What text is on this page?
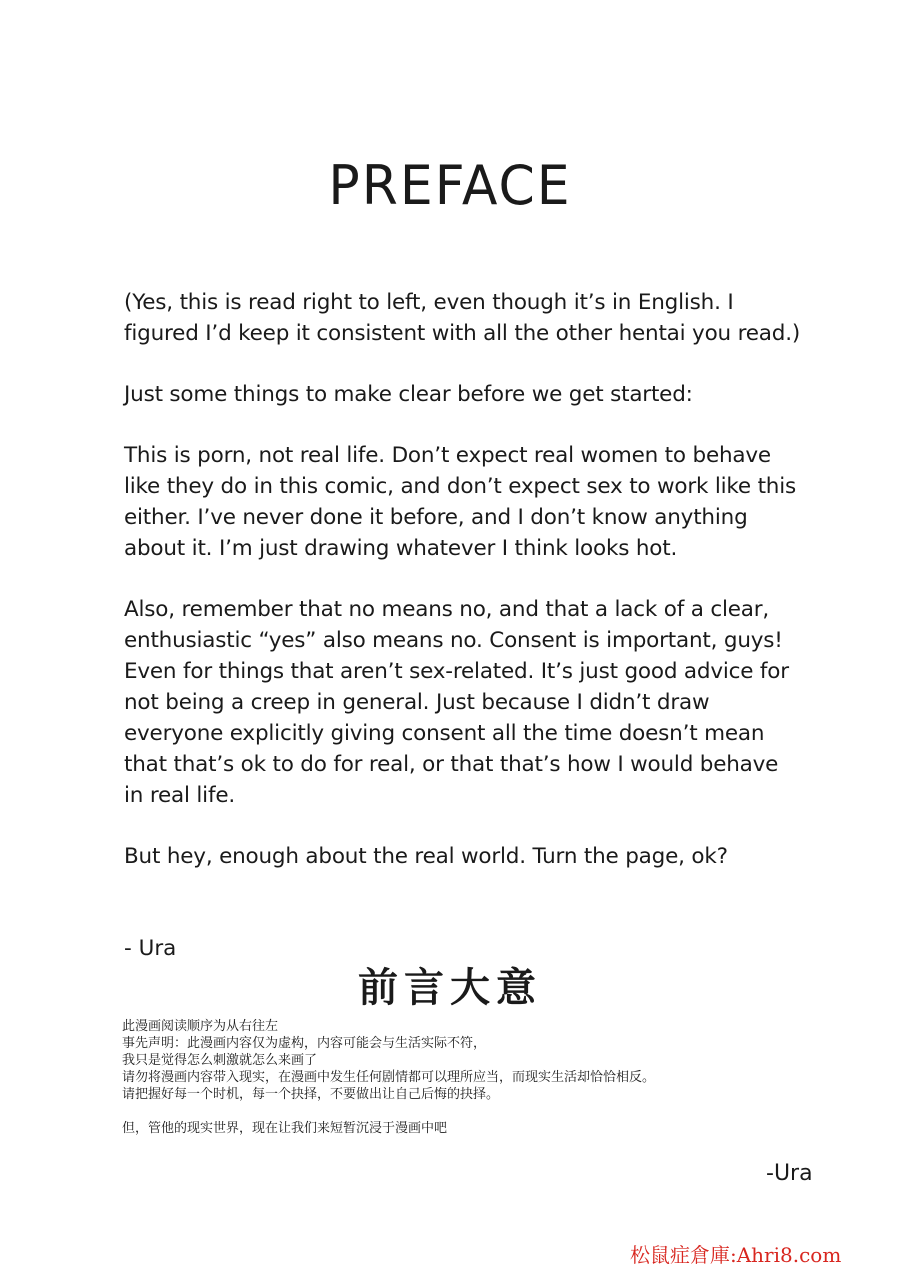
PREFACE

(Yes, this is read right to left, even though it’s in English. I figured I’d keep it consistent with all the other hentai you read.)

Just some things to make clear before we get started:

This is porn, not real life. Don’t expect real women to behave like they do in this comic, and don’t expect sex to work like this either. I’ve never done it before, and I don’t know anything about it. I’m just drawing whatever I think looks hot.

Also, remember that no means no, and that a lack of a clear, enthusiastic “yes” also means no. Consent is important, guys! Even for things that aren’t sex-related. It’s just good advice for not being a creep in general. Just because I didn’t draw everyone explicitly giving consent all the time doesn’t mean that that’s ok to do for real, or that that’s how I would behave in real life.

But hey, enough about the real world. Turn the page, ok?

- Ura
前言大意
此漫画阅读顺序为从右往左
事先声明：此漫画内容仅为虚构，内容可能会与生活实际不符，
我只是觉得怎么刺激就怎么来画了
请勿将漫画内容带入现实，在漫画中发生任何剧情都可以理所应当，而现实生活却恰恰相反。
请把握好每一个时机，每一个抉择，不要做出让自己后悔的抉择。
但，管他的现实世界，现在让我们来短暂沉浸于漫画中吧
-Ura
松鼠症倉庫:Ahri8.com
